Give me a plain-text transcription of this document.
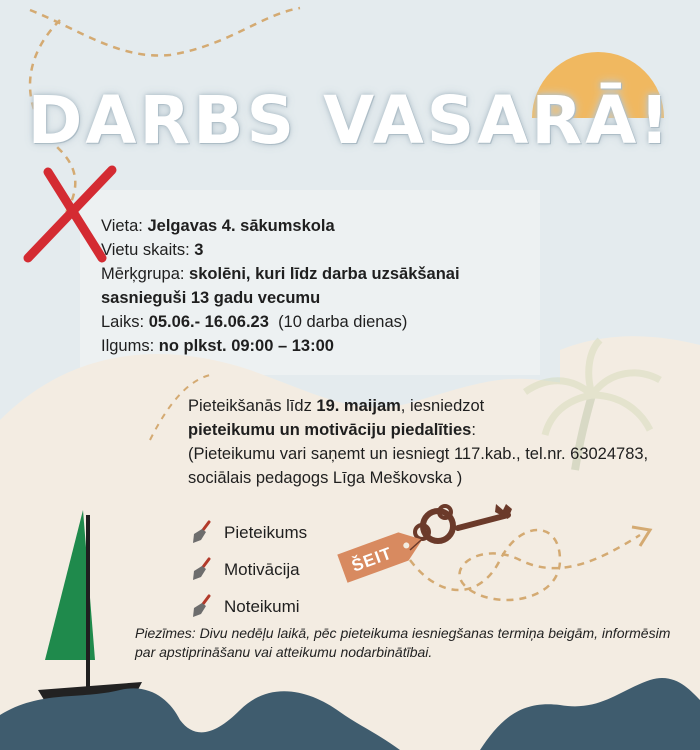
ŠEIT
DARBS VASARĀ!
Vieta: Jelgavas 4. sākumskola
Vietu skaits: 3
Mērķgrupa: skolēni, kuri līdz darba uzsākšanai
sasnieguši 13 gadu vecumu
Laiks: 05.06.- 16.06.23 (10 darba dienas)
Ilgums: no plkst. 09:00 – 13:00
Pieteikšanās līdz 19. maijam, iesniedzot
pieteikumu un motivāciju piedalīties:
(Pieteikumu vari saņemt un iesniegt 117.kab., tel.nr. 63024783, sociālais pedagogs Līga Meškovska )
Pieteikums
Motivācija
Noteikumi
Piezīmes: Divu nedēļu laikā, pēc pieteikuma iesniegšanas termiņa beigām, informēsim par apstiprināšanu vai atteikumu nodarbinātībai.
